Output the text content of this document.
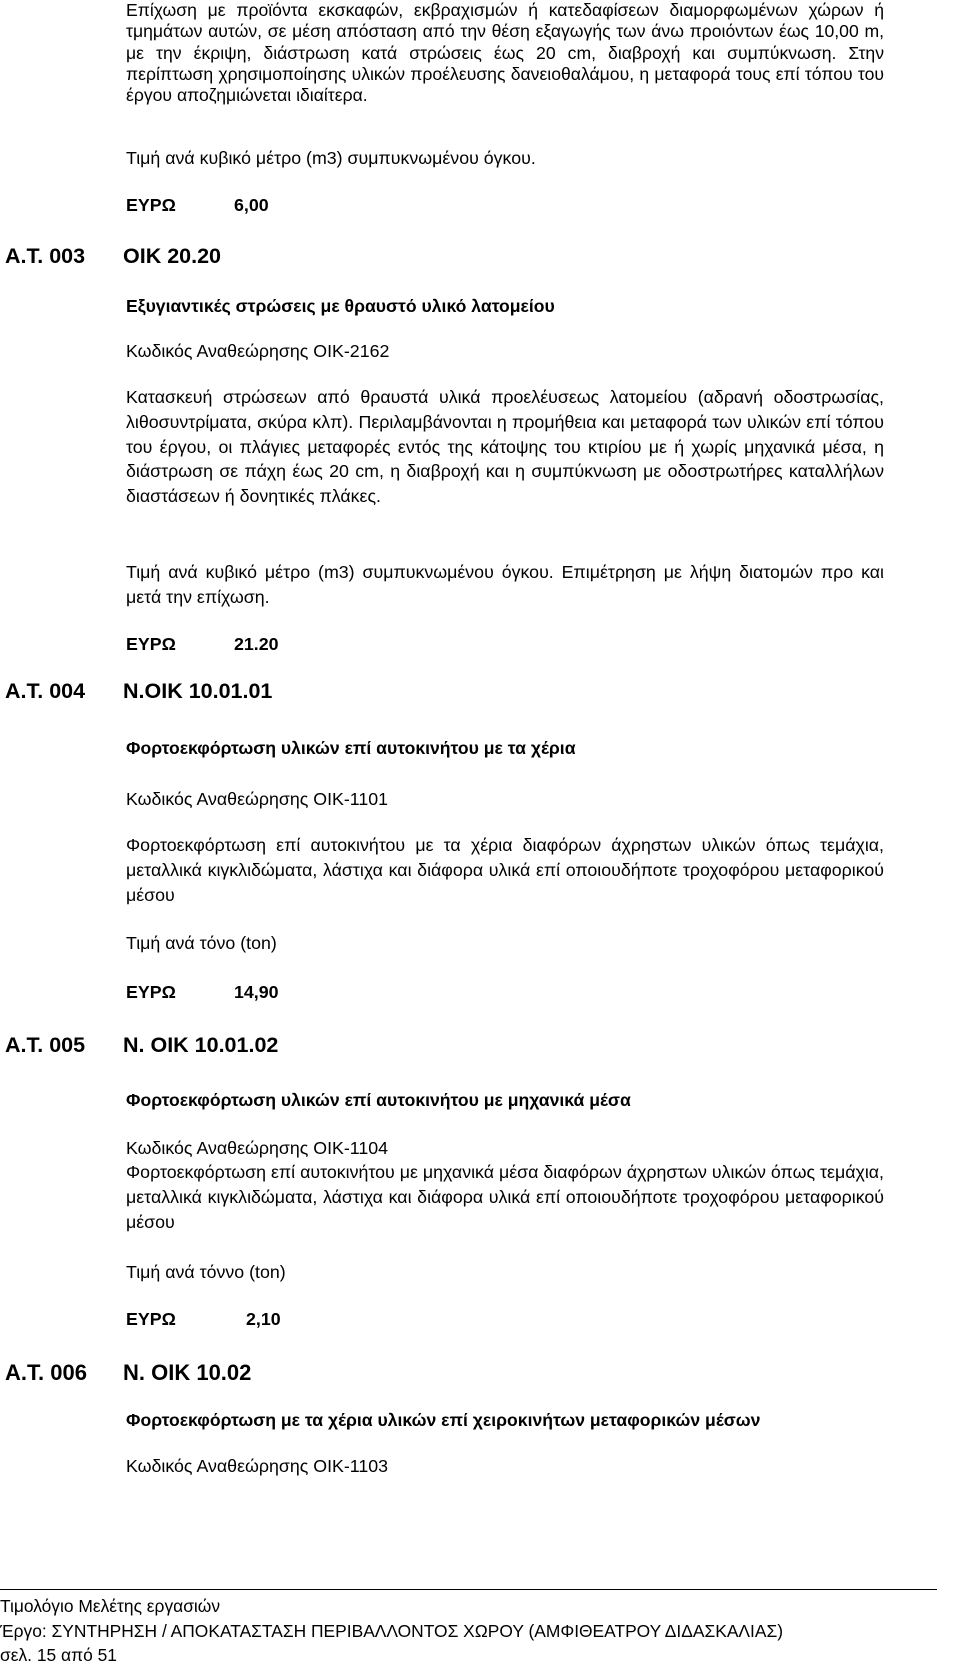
Επίχωση με προϊόντα εκσκαφών, εκβραχισμών ή κατεδαφίσεων διαμορφωμένων χώρων ή τμημάτων αυτών, σε μέση απόσταση από την θέση εξαγωγής των άνω προιόντων έως 10,00 m, με την έκριψη, διάστρωση κατά στρώσεις έως 20 cm, διαβροχή και συμπύκνωση. Στην περίπτωση χρησιμοποίησης υλικών προέλευσης δανειοθαλάμου, η μεταφορά τους επί τόπου του έργου αποζημιώνεται ιδιαίτερα.

Τιμή ανά κυβικό μέτρο (m3) συμπυκνωμένου όγκου.
ΕΥΡΩ	6,00
Α.Τ. 003 ΟΙΚ 20.20
Εξυγιαντικές στρώσεις με θραυστό υλικό λατομείου
Κωδικός Αναθεώρησης ΟΙΚ-2162

Κατασκευή στρώσεων από θραυστά υλικά προελέυσεως λατομείου (αδρανή οδοστρωσίας, λιθοσυντρίματα, σκύρα κλπ). Περιλαμβάνονται η προμήθεια και μεταφορά των υλικών επί τόπου του έργου, οι πλάγιες μεταφορές εντός της κάτοψης του κτιρίου με ή χωρίς μηχανικά μέσα, η διάστρωση σε πάχη έως 20 cm, η διαβροχή και η συμπύκνωση με οδοστρωτήρες καταλλήλων διαστάσεων ή δονητικές πλάκες.

Τιμή ανά κυβικό μέτρο (m3) συμπυκνωμένου όγκου. Επιμέτρηση με λήψη διατομών προ και μετά την επίχωση.

ΕΥΡΩ	21.20
Α.Τ. 004 Ν.ΟΙΚ 10.01.01
Φορτοεκφόρτωση υλικών επί αυτοκινήτου με τα χέρια
Κωδικός Αναθεώρησης ΟΙΚ-1101

Φορτοεκφόρτωση επί αυτοκινήτου με τα χέρια διαφόρων άχρηστων υλικών όπως τεμάχια, μεταλλικά κιγκλιδώματα, λάστιχα και διάφορα υλικά επί οποιουδήποτε τροχοφόρου μεταφορικού μέσου

Τιμή ανά τόνο (ton)
ΕΥΡΩ	14,90
Α.Τ. 005 Ν. ΟΙΚ 10.01.02
Φορτοεκφόρτωση υλικών επί αυτοκινήτου με μηχανικά μέσα
Κωδικός Αναθεώρησης ΟΙΚ-1104

Φορτοεκφόρτωση επί αυτοκινήτου με μηχανικά μέσα διαφόρων άχρηστων υλικών όπως τεμάχια, μεταλλικά κιγκλιδώματα, λάστιχα και διάφορα υλικά επί οποιουδήποτε τροχοφόρου μεταφορικού μέσου

Τιμή ανά τόννο (ton)
ΕΥΡΩ	2,10
Α.Τ. 006 Ν. ΟΙΚ 10.02
Φορτοεκφόρτωση με τα χέρια υλικών επί χειροκινήτων μεταφορικών μέσων
Κωδικός Αναθεώρησης ΟΙΚ-1103
Τιμολόγιο Μελέτης εργασιών
Έργο: ΣΥΝΤΗΡΗΣΗ / ΑΠΟΚΑΤΑΣΤΑΣΗ ΠΕΡΙΒΑΛΛΟΝΤΟΣ ΧΩΡΟΥ (ΑΜΦΙΘΕΑΤΡΟΥ ΔΙΔΑΣΚΑΛΙΑΣ)
σελ. 15 από 51
